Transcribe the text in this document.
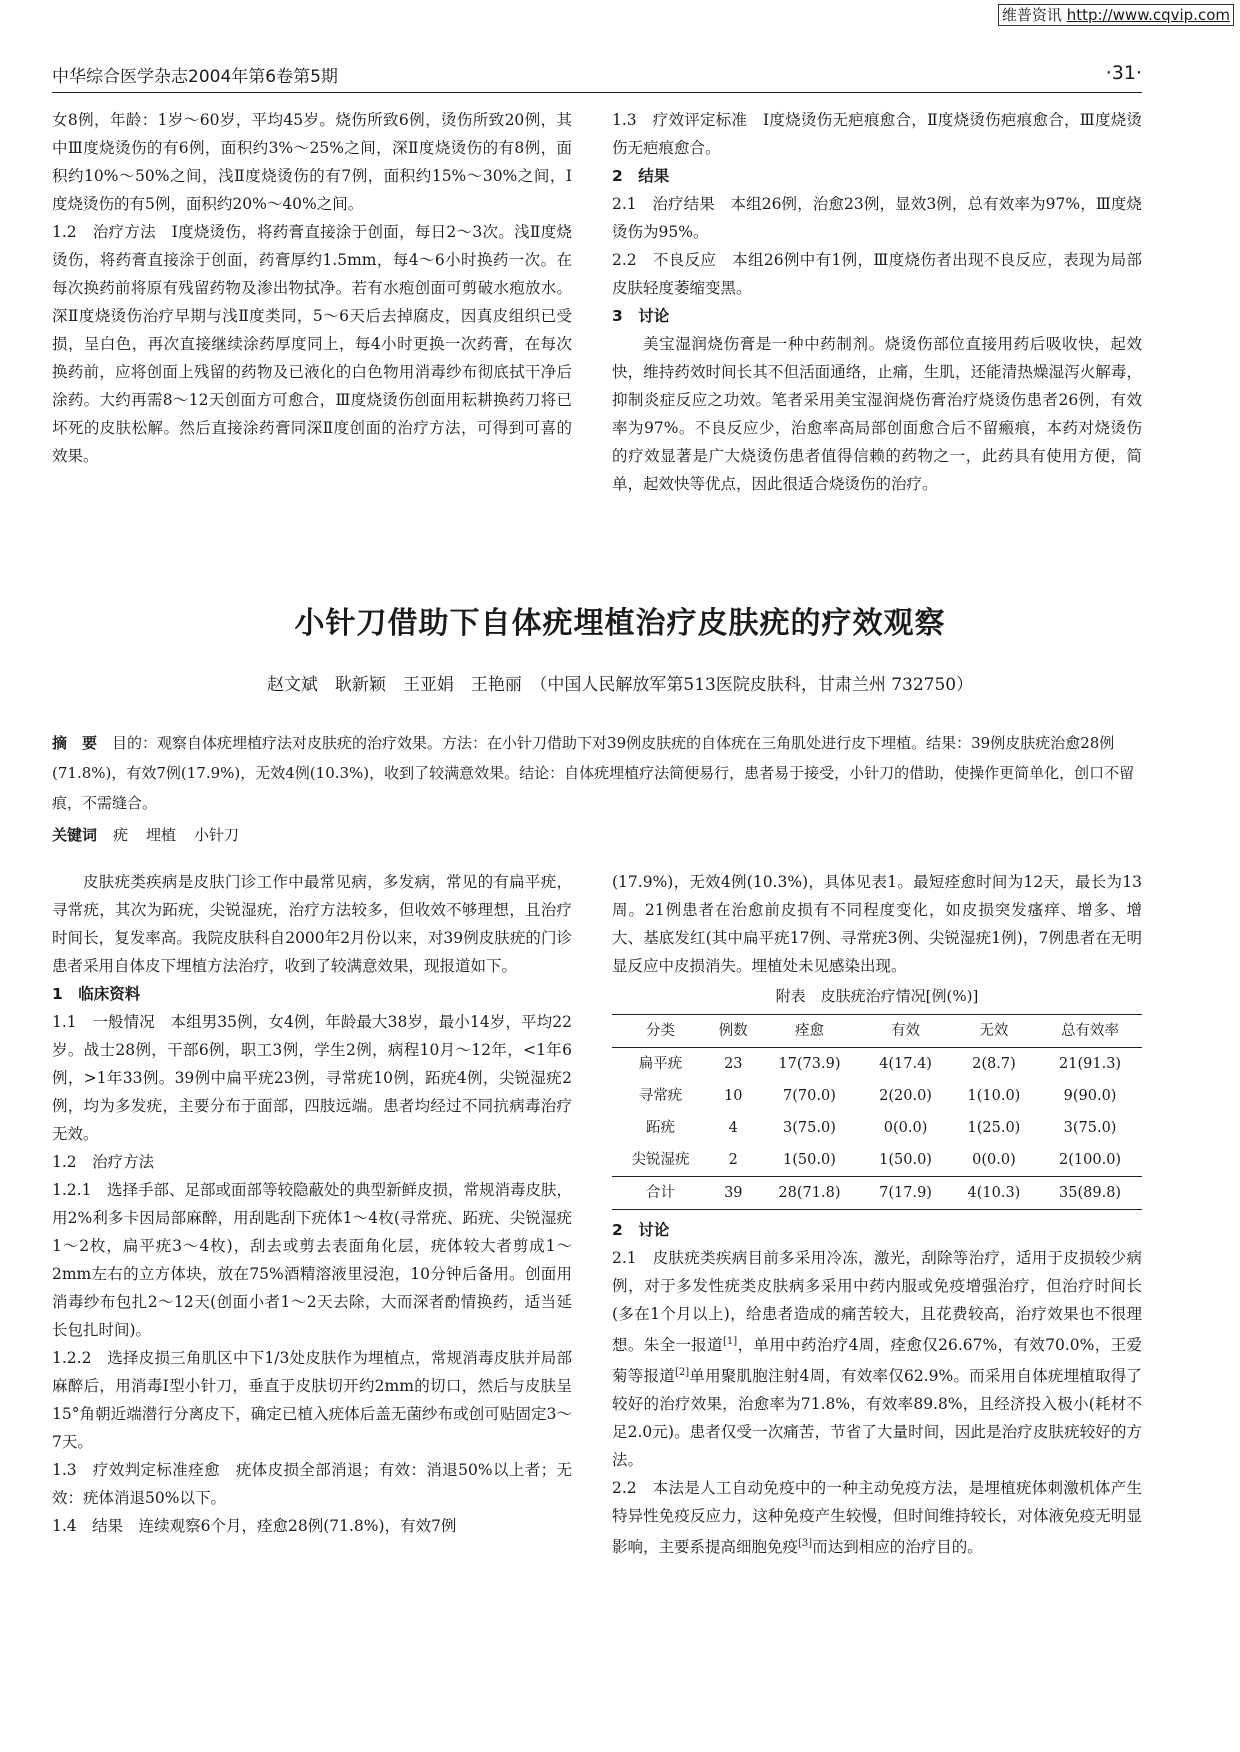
维普资讯 http://www.cqvip.com
中华综合医学杂志2004年第6卷第5期	·31·

女8例，年龄：1岁～60岁，平均45岁。烧伤所致6例，烫伤所致20例，其中Ⅲ度烧烫伤的有6例，面积约3%～25%之间，深Ⅱ度烧烫伤的有8例，面积约10%～50%之间，浅Ⅱ度烧烫伤的有7例，面积约15%～30%之间，Ⅰ度烧烫伤的有5例，面积约20%～40%之间。

1.2　治疗方法　Ⅰ度烧烫伤，将药膏直接涂于创面，每日2～3次。浅Ⅱ度烧烫伤，将药膏直接涂于创面，药膏厚约1.5mm，每4～6小时换药一次。在每次换药前将原有残留药物及渗出物拭净。若有水疱创面可剪破水疱放水。深Ⅱ度烧烫伤治疗早期与浅Ⅱ度类同，5～6天后去掉腐皮，因真皮组织已受损，呈白色，再次直接继续涂药厚度同上，每4小时更换一次药膏，在每次换药前，应将创面上残留的药物及已液化的白色物用消毒纱布彻底拭干净后涂药。大约再需8～12天创面方可愈合，Ⅲ度烧烫伤创面用耘耕换药刀将已坏死的皮肤松解。然后直接涂药膏同深Ⅱ度创面的治疗方法，可得到可喜的效果。

1.3　疗效评定标准　Ⅰ度烧烫伤无疤痕愈合，Ⅱ度烧烫伤疤痕愈合，Ⅲ度烧烫伤无疤痕愈合。

2　结果

2.1　治疗结果　本组26例，治愈23例，显效3例，总有效率为97%，Ⅲ度烧烫伤为95%。

2.2　不良反应　本组26例中有1例，Ⅲ度烧伤者出现不良反应，表现为局部皮肤轻度萎缩变黑。

3　讨论

美宝湿润烧伤膏是一种中药制剂。烧烫伤部位直接用药后吸收快，起效快，维持药效时间长其不但活面通络，止痛，生肌，还能清热燥湿泻火解毒，抑制炎症反应之功效。笔者采用美宝湿润烧伤膏治疗烧烫伤患者26例，有效率为97%。不良反应少，治愈率高局部创面愈合后不留瘢痕，本药对烧烫伤的疗效显著是广大烧烫伤患者值得信赖的药物之一，此药具有使用方便，简单，起效快等优点，因此很适合烧烫伤的治疗。

小针刀借助下自体疣埋植治疗皮肤疣的疗效观察
赵文斌　耿新颖　王亚娟　王艳丽　（中国人民解放军第513医院皮肤科，甘肃兰州 732750）
摘　要　 目的：观察自体疣埋植疗法对皮肤疣的治疗效果。方法：在小针刀借助下对39例皮肤疣的自体疣在三角肌处进行皮下埋植。结果：39例皮肤疣治愈28例(71.8%)，有效7例(17.9%)，无效4例(10.3%)，收到了较满意效果。结论：自体疣埋植疗法简便易行，患者易于接受，小针刀的借助，使操作更简单化，创口不留痕，不需缝合。
关键词 疣 埋植 小针刀

皮肤疣类疾病是皮肤门诊工作中最常见病，多发病，常见的有扁平疣，寻常疣，其次为跖疣，尖锐湿疣，治疗方法较多，但收效不够理想，且治疗时间长，复发率高。我院皮肤科自2000年2月份以来，对39例皮肤疣的门诊患者采用自体皮下埋植方法治疗，收到了较满意效果，现报道如下。

1　临床资料

1.1　一般情况　本组男35例，女4例，年龄最大38岁，最小14岁，平均22岁。战士28例，干部6例，职工3例，学生2例，病程10月～12年，<1年6例，>1年33例。39例中扁平疣23例，寻常疣10例，跖疣4例，尖锐湿疣2例，均为多发疣，主要分布于面部，四肢远端。患者均经过不同抗病毒治疗无效。

1.2　治疗方法

1.2.1　选择手部、足部或面部等较隐蔽处的典型新鲜皮损，常规消毒皮肤，用2%利多卡因局部麻醉，用刮匙刮下疣体1～4枚(寻常疣、跖疣、尖锐湿疣1～2枚，扁平疣3～4枚)，刮去或剪去表面角化层，疣体较大者剪成1～2mm左右的立方体块，放在75%酒精溶液里浸泡，10分钟后备用。创面用消毒纱布包扎2～12天(创面小者1～2天去除，大而深者酌情换药，适当延长包扎时间)。

1.2.2　选择皮损三角肌区中下1/3处皮肤作为埋植点，常规消毒皮肤并局部麻醉后，用消毒Ⅰ型小针刀，垂直于皮肤切开约2mm的切口，然后与皮肤呈15°角朝近端潜行分离皮下，确定已植入疣体后盖无菌纱布或创可贴固定3～7天。

1.3　疗效判定标准痊愈　疣体皮损全部消退；有效：消退50%以上者；无效：疣体消退50%以下。

1.4　结果　连续观察6个月，痊愈28例(71.8%)，有效7例

(17.9%)，无效4例(10.3%)，具体见表1。最短痊愈时间为12天，最长为13周。21例患者在治愈前皮损有不同程度变化，如皮损突发瘙痒、增多、增大、基底发红(其中扁平疣17例、寻常疣3例、尖锐湿疣1例)，7例患者在无明显反应中皮损消失。埋植处未见感染出现。

附表　皮肤疣治疗情况[例(%)]
分类	例数	痊愈	有效	无效	总有效率
扁平疣	23	17(73.9)	4(17.4)	2(8.7)	21(91.3)
寻常疣	10	7(70.0)	2(20.0)	1(10.0)	9(90.0)
跖疣	4	3(75.0)	0(0.0)	1(25.0)	3(75.0)
尖锐湿疣	2	1(50.0)	1(50.0)	0(0.0)	2(100.0)
合计	39	28(71.8)	7(17.9)	4(10.3)	35(89.8)

2　讨论

2.1　皮肤疣类疾病目前多采用冷冻，激光，刮除等治疗，适用于皮损较少病例，对于多发性疣类皮肤病多采用中药内服或免疫增强治疗，但治疗时间长(多在1个月以上)，给患者造成的痛苦较大，且花费较高，治疗效果也不很理想。朱全一报道[1]，单用中药治疗4周，痊愈仅26.67%，有效70.0%，王爱菊等报道[2]单用聚肌胞注射4周，有效率仅62.9%。而采用自体疣埋植取得了较好的治疗效果，治愈率为71.8%，有效率89.8%，且经济投入极小(耗材不足2.0元)。患者仅受一次痛苦，节省了大量时间，因此是治疗皮肤疣较好的方法。

2.2　本法是人工自动免疫中的一种主动免疫方法，是埋植疣体刺激机体产生特异性免疫反应力，这种免疫产生较慢，但时间维持较长，对体液免疫无明显影响，主要系提高细胞免疫[3]而达到相应的治疗目的。
